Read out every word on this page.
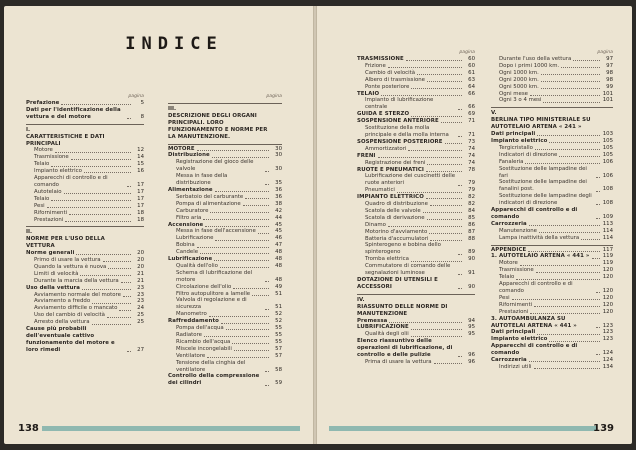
INDICE
pagina
Prefazione	5
Dati per l'identificazione della vettura e del motore	8
I.
CARATTERISTICHE E DATI PRINCIPALI
Motore	12
Trasmissione	14
Telaio	15
Impianto elettrico	16
Apparecchi di controllo e di comando	17
Autotelaio	17
Telaio	17
Pesi	17
Rifornimenti	18
Prestazioni	18
II.
NORME PER L'USO DELLA VETTURA
Norme generali	20
Primo di usare la vettura	20
Quando la vettura è nuova	20
Limiti di velocità	21
Durante la marcia della vettura	21
Uso della vettura	23
Avviamento normale del motore	23
Avviamento a freddo	23
Avviamento difficile o mancato	24
Uso del cambio di velocità	25
Arresto della vettura	25
Cause più probabili dell'eventuale cattivo funzionamento del motore e loro rimedi	27
pagina
III.
DESCRIZIONE DEGLI ORGANI PRINCIPALI. LORO FUNZIONAMENTO E NORME PER LA MANUTENZIONE.
MOTORE	30
Distribuzione	30
Registrazione del gioco delle valvole	30
Messa in fase della distribuzione	35
Alimentazione	36
Serbatoio del carburante	36
Pompa di alimentazione	38
Carburatore	42
Filtro aria	44
Accensione	45
Messa in fase dell'accensione	45
Lubrificazione	46
Bobina	47
Candele	48
Lubrificazione	48
Qualità dell'olio	48
Schema di lubrificazione del motore	48
Circolazione dell'olio	49
Filtro autopulitore a lamelle	51
Valvola di regolazione e di sicurezza	51
Manometro	52
Raffreddamento	52
Pompa dell'acqua	55
Radiatore	55
Ricambio dell'acqua	55
Miscele incongelabili	57
Ventilatore	57
Tensione della cinghia del ventilatore	58
Controllo della compressione dei cilindri	59
138
pagina
TRASMISSIONE	60
Frizione	60
Cambio di velocità	61
Albero di trasmissione	63
Ponte posteriore	64
TELAIO	66
Impianto di lubrificazione centrale	66
GUIDA E STERZO	69
SOSPENSIONE ANTERIORE	71
Sostituzione della molla principale e della molla interna	71
SOSPENSIONE POSTERIORE	73
Ammortizzatori	74
FRENI	74
Registrazione dei freni	74
RUOTE E PNEUMATICI	78
Lubrificazione dei cuscinetti delle ruote anteriori	79
Pneumatici	79
IMPIANTO ELETTRICO	82
Quadro di distribuzione	82
Scatola delle valvole	84
Scatola di derivazione	85
Dinamo	86
Motorino d'avviamento	87
Batteria d'accumulatori	88
Spinterogeno e bobina dello spinterogeno	89
Tromba elettrica	90
Commutatore di comando delle segnalazioni luminose	91
DOTAZIONE DI UTENSILI E ACCESSORI	90
IV.
RIASSUNTO DELLE NORME DI MANUTENZIONE
Premessa	94
LUBRIFICAZIONE	95
Qualità degli olii	95
Elenco riassuntivo delle operazioni di lubrificazione, di controllo e delle pulizie	96
Prima di usare la vettura	96
pagina
Durante l'uso della vettura	97
Dopo i primi 1000 km.	97
Ogni 1000 km.	98
Ogni 2000 km.	98
Ogni 5000 km.	99
Ogni mese	101
Ogni 3 o 4 mesi	101
V.
BERLINA TIPO MINISTERIALE SU AUTOTELAIO ARTENA « 241 »
Dati principali	103
Impianto elettrico	105
Tergicristallo	105
Indicatori di direzione	105
Fanaleria	106
Sostituzione delle lampadine dei fari	106
Sostituzione delle lampadine dei fanalini post.	108
Sostituzione delle lampadine degli indicatori di direzione	108
Apparecchi di controllo e di comando	109
Carrozzeria	113
Manutenzione	114
Lampa inattività della vettura	114
APPENDICE	117
1. AUTOTELAIO ARTENA « 441 » 119
Motore	119
Trasmissione	120
Telaio	120
Apparecchi di controllo e di comando	120
Pesi	120
Rifornimenti	120
Prestazioni	120
3. AUTOAMBULANZA SU AUTOTELAI ARTENA « 441 »	123
Dati principali	123
Impianto elettrico	123
Apparecchi di controllo e di comando	124
Carrozzeria	124
Indirizzi utili	134
139
